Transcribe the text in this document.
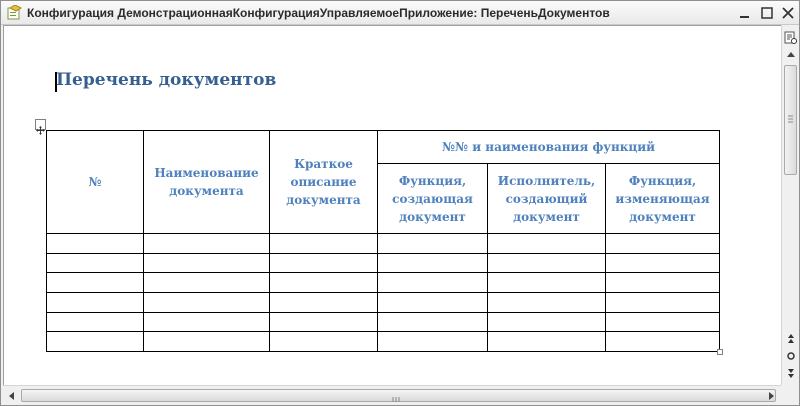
Конфигурация ДемонстрационнаяКонфигурацияУправляемоеПриложение: ПереченьДокументов
Перечень документов
№	Наименование документа	Краткое описание документа	№№ и наименования функций		
			Функция, создающая документ	Исполнитель, создающий документ	Функция, изменяющая документ
